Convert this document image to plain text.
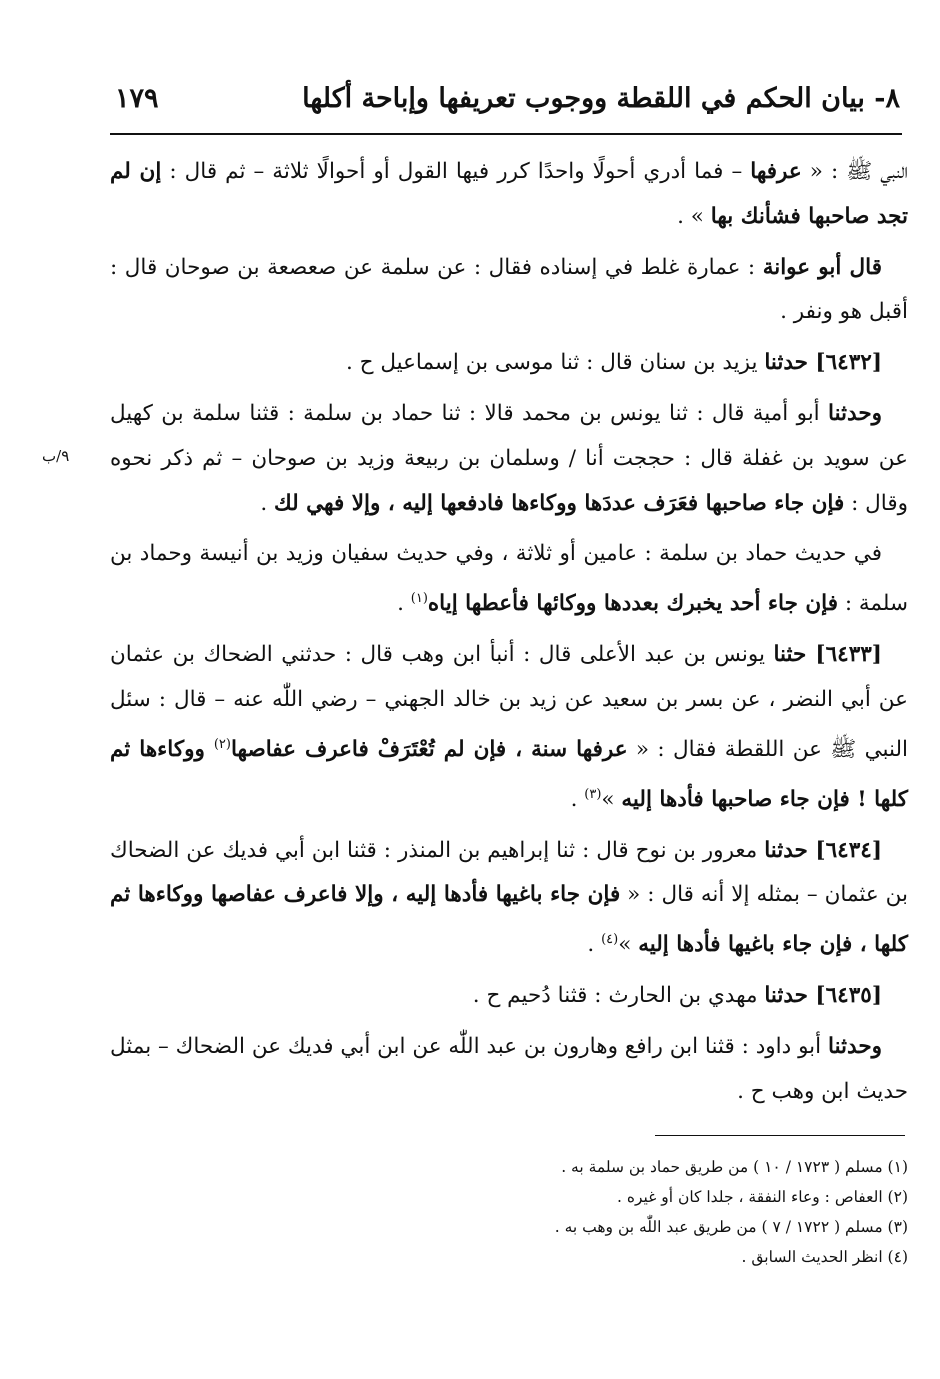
٨- بيان الحكم في اللقطة ووجوب تعريفها وإباحة أكلها
١٧٩
٩/ب

النبي ﷺ : « عرفها – فما أدري أحولًا واحدًا كرر فيها القول أو أحوالًا ثلاثة – ثم قال : إن لم تجد صاحبها فشأنك بها » .

قال أبو عوانة : عمارة غلط في إسناده فقال : عن سلمة عن صعصعة بن صوحان قال : أقبل هو ونفر .

[٦٤٣٢] حدثنا يزيد بن سنان قال : ثنا موسى بن إسماعيل ح .

وحدثنا أبو أمية قال : ثنا يونس بن محمد قالا : ثنا حماد بن سلمة : قثنا سلمة بن كهيل عن سويد بن غفلة قال : حججت أنا / وسلمان بن ربيعة وزيد بن صوحان – ثم ذكر نحوه وقال : فإن جاء صاحبها فعَرَف عددَها ووكاءها فادفعها إليه ، وإلا فهي لك .

في حديث حماد بن سلمة : عامين أو ثلاثة ، وفي حديث سفيان وزيد بن أنيسة وحماد بن سلمة : فإن جاء أحد يخبرك بعددها ووكائها فأعطها إياه$^{(١)}$ .

[٦٤٣٣] حثنا يونس بن عبد الأعلى قال : أنبأ ابن وهب قال : حدثني الضحاك بن عثمان عن أبي النضر ، عن بسر بن سعيد عن زيد بن خالد الجهني – رضي اللّٰه عنه – قال : سئل النبي ﷺ عن اللقطة فقال : « عرفها سنة ، فإن لم تُعْتَرَفْ فاعرف عفاصها$^{(٢)}$ ووكاءها ثم كلها ! فإن جاء صاحبها فأدها إليه »$^{(٣)}$ .

[٦٤٣٤] حدثنا معرور بن نوح قال : ثنا إبراهيم بن المنذر : قثنا ابن أبي فديك عن الضحاك بن عثمان – بمثله إلا أنه قال : « فإن جاء باغيها فأدها إليه ، وإلا فاعرف عفاصها ووكاءها ثم كلها ، فإن جاء باغيها فأدها إليه »$^{(٤)}$ .

[٦٤٣٥] حدثنا مهدي بن الحارث : قثنا دُحيم ح .

وحدثنا أبو داود : قثنا ابن رافع وهارون بن عبد اللّٰه عن ابن أبي فديك عن الضحاك – بمثل حديث ابن وهب ح .

(١) مسلم ( ١٧٢٣ / ١٠ ) من طريق حماد بن سلمة به .
(٢) العفاص : وعاء النفقة ، جلدا كان أو غيره .
(٣) مسلم ( ١٧٢٢ / ٧ ) من طريق عبد اللّٰه بن وهب به .
(٤) انظر الحديث السابق .
